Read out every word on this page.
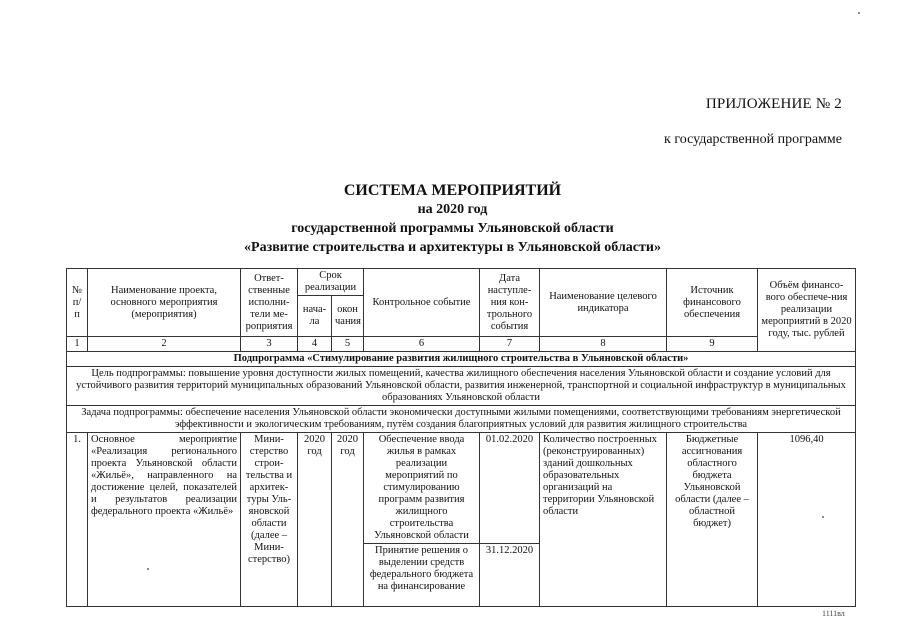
ПРИЛОЖЕНИЕ № 2
к государственной программе
СИСТЕМА МЕРОПРИЯТИЙ
на 2020 год
государственной программы Ульяновской области
«Развитие строительства и архитектуры в Ульяновской области»
№ п/п	Наименование проекта, основного мероприятия (мероприятия)	Ответ-ственные исполни-тели ме-роприятия	Срок реализации		Контрольное событие	Дата наступле-ния кон-трольного события	Наименование целевого индикатора	Источник финансового обеспечения	Объём финансо-вого обеспече-ния реализации мероприятий в 2020 году, тыс. рублей
			нача-ла	окон чания					
1	2	3	4	5	6	7	8	9	
Подпрограмма «Стимулирование развития жилищного строительства в Ульяновской области»									
Цель подпрограммы: повышение уровня доступности жилых помещений, качества жилищного обеспечения населения Ульяновской области и создание условий для устойчивого развития территорий муниципальных образований Ульяновской области, развития инженерной, транспортной и социальной инфраструктур в муниципальных образованиях Ульяновской области									
Задача подпрограммы: обеспечение населения Ульяновской области экономически доступными жилыми помещениями, соответствующими требованиям энергетической эффективности и экологическим требованиям, путём создания благоприятных условий для развития жилищного строительства									
1.	Основное мероприятие «Реализация регионального проекта Ульяновской области «Жильё», направленного на достижение целей, показателей и результатов реализации федерального проекта «Жильё»	Мини-стерство строи-тельства и архитек-туры Уль-яновской области (далее – Мини-стерство)	2020 год	2020 год	Обеспечение ввода жилья в рамках реализации мероприятий по стимулированию программ развития жилищного строительства Ульяновской области	01.02.2020	Количество построенных (реконструированных) зданий дошкольных образовательных организаций на территории Ульяновской области	Бюджетные ассигнования областного бюджета Ульяновской области (далее – областной бюджет)	1096,40
					Принятие решения о выделении средств федерального бюджета на финансирование	31.12.2020			
1111вл
